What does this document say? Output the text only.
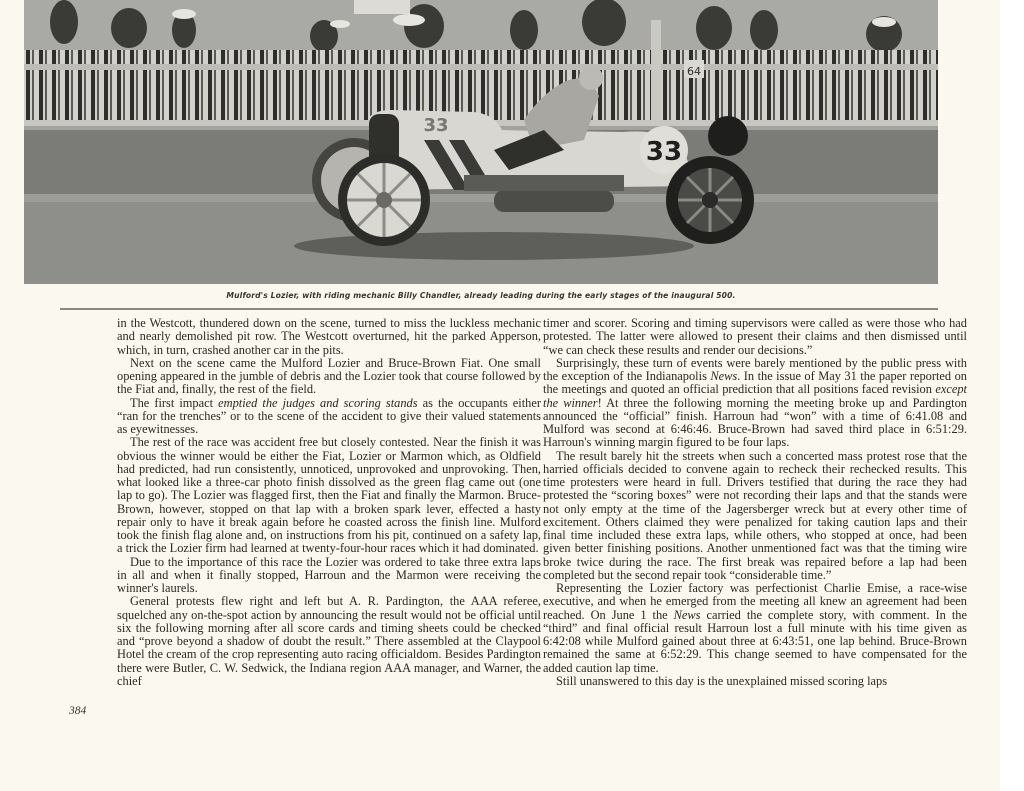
64
33
33
Mulford's Lozier, with riding mechanic Billy Chandler, already leading during the early stages of the inaugural 500.

in the Westcott, thundered down on the scene, turned to miss the luckless mechanic and nearly demolished pit row. The Westcott overturned, hit the parked Apperson, which, in turn, crashed another car in the pits.

Next on the scene came the Mulford Lozier and Bruce-Brown Fiat. One small opening appeared in the jumble of debris and the Lozier took that course followed by the Fiat and, finally, the rest of the field.

The first impact emptied the judges and scoring stands as the occupants either “ran for the trenches” or to the scene of the accident to give their valued statements as eyewitnesses.

The rest of the race was accident free but closely contested. Near the finish it was obvious the winner would be either the Fiat, Lozier or Marmon which, as Oldfield had predicted, had run consistently, unnoticed, unprovoked and unprovoking. Then, what looked like a three-car photo finish dissolved as the green flag came out (one lap to go). The Lozier was flagged first, then the Fiat and finally the Marmon. Bruce-Brown, however, stopped on that lap with a broken spark lever, effected a hasty repair only to have it break again before he coasted across the finish line. Mulford took the finish flag alone and, on instructions from his pit, continued on a safety lap, a trick the Lozier firm had learned at twenty-four-hour races which it had dominated.

Due to the importance of this race the Lozier was ordered to take three extra laps in all and when it finally stopped, Harroun and the Marmon were receiving the winner's laurels.

General protests flew right and left but A. R. Pardington, the AAA referee, squelched any on-the-spot action by announcing the result would not be official until six the following morning after all score cards and timing sheets could be checked and “prove beyond a shadow of doubt the result.” There assembled at the Claypool Hotel the cream of the crop representing auto racing officialdom. Besides Pardington there were Butler, C. W. Sedwick, the Indiana region AAA manager, and Warner, the chief

timer and scorer. Scoring and timing supervisors were called as were those who had protested. The latter were allowed to present their claims and then dismissed until “we can check these results and render our decisions.”

Surprisingly, these turn of events were barely mentioned by the public press with the exception of the Indianapolis News. In the issue of May 31 the paper reported on the meetings and quoted an official prediction that all positions faced revision except the winner! At three the following morning the meeting broke up and Pardington announced the “official” finish. Harroun had “won” with a time of 6:41.08 and Mulford was second at 6:46:46. Bruce-Brown had saved third place in 6:51:29. Harroun's winning margin figured to be four laps.

The result barely hit the streets when such a concerted mass protest rose that the harried officials decided to convene again to recheck their rechecked results. This time protesters were heard in full. Drivers testified that during the race they had protested the “scoring boxes” were not recording their laps and that the stands were not only empty at the time of the Jagersberger wreck but at every other time of excitement. Others claimed they were penalized for taking caution laps and their final time included these extra laps, while others, who stopped at once, had been given better finishing positions. Another unmentioned fact was that the timing wire broke twice during the race. The first break was repaired before a lap had been completed but the second repair took “considerable time.”

Representing the Lozier factory was perfectionist Charlie Emise, a race-wise executive, and when he emerged from the meeting all knew an agreement had been reached. On June 1 the News carried the complete story, with comment. In the “third” and final official result Harroun lost a full minute with his time given as 6:42:08 while Mulford gained about three at 6:43:51, one lap behind. Bruce-Brown remained the same at 6:52:29. This change seemed to have compensated for the added caution lap time.

Still unanswered to this day is the unexplained missed scoring laps

384
